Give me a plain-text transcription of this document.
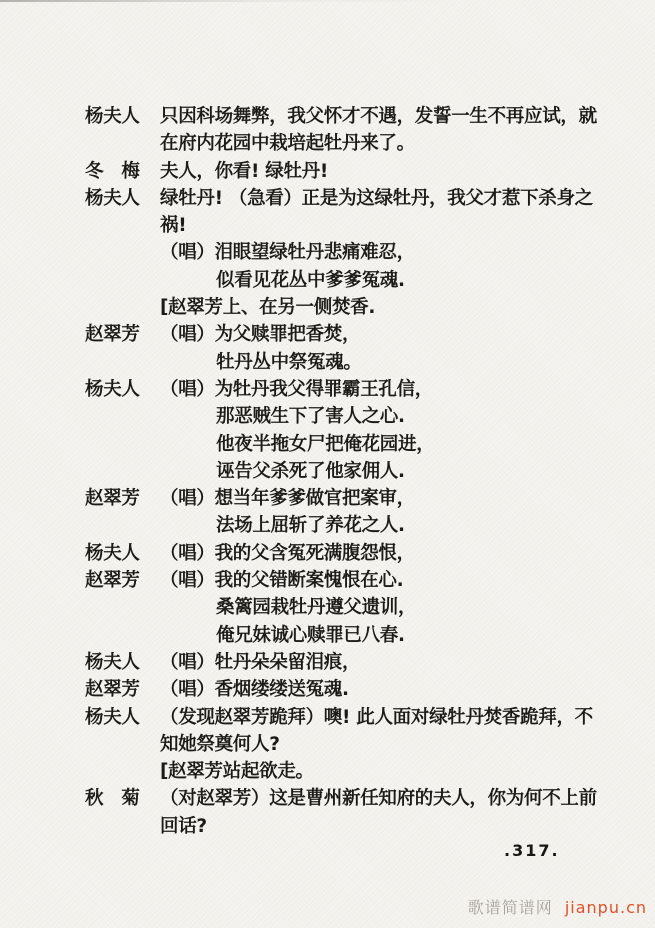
杨夫人	只因科场舞弊，我父怀才不遇，发誓一生不再应试，就
在府内花园中栽培起牡丹来了。
冬　梅	夫人，你看! 绿牡丹!
杨夫人	绿牡丹! （急看）正是为这绿牡丹，我父才惹下杀身之
祸!
（唱）泪眼望绿牡丹悲痛难忍，
似看见花丛中爹爹冤魂.
[赵翠芳上、在另一侧焚香.
赵翠芳	（唱）为父赎罪把香焚，
牡丹丛中祭冤魂。
杨夫人	（唱）为牡丹我父得罪霸王孔信，
那恶贼生下了害人之心.
他夜半拖女尸把俺花园进，
诬告父杀死了他家佣人.
赵翠芳	（唱）想当年爹爹做官把案审，
法场上屈斩了养花之人.
杨夫人	（唱）我的父含冤死满腹怨恨，
赵翠芳	（唱）我的父错断案愧恨在心.
桑篱园栽牡丹遵父遗训，
俺兄妹诚心赎罪已八春.
杨夫人	（唱）牡丹朵朵留泪痕，
赵翠芳	（唱）香烟缕缕送冤魂.
杨夫人	（发现赵翠芳跪拜）噢! 此人面对绿牡丹焚香跪拜，不
知她祭奠何人?
[赵翠芳站起欲走。
秋　菊	（对赵翠芳）这是曹州新任知府的夫人，你为何不上前
回话?
.317.
歌谱简谱网 jianpu.cn
